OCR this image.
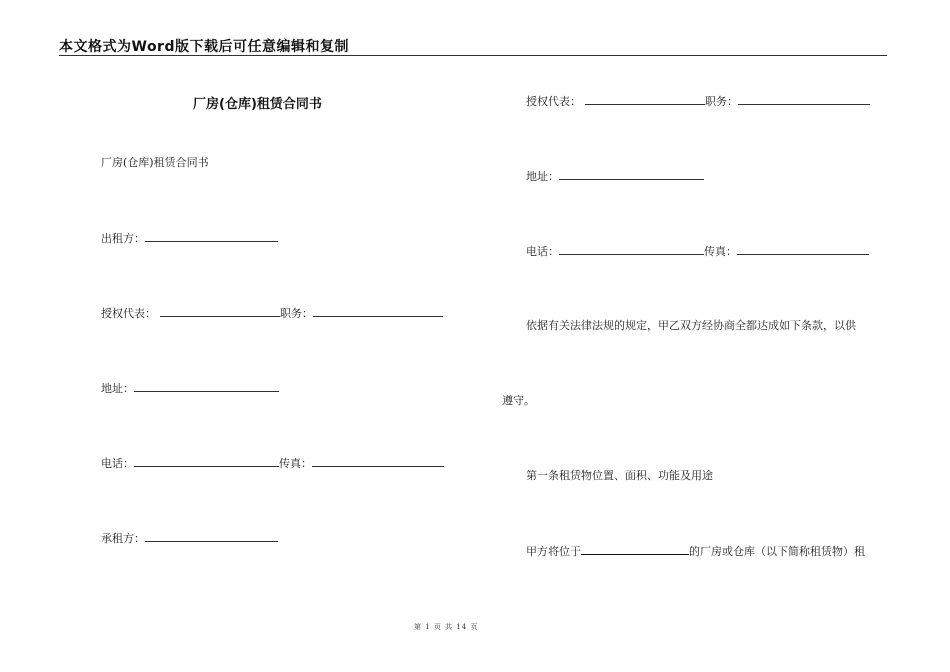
本文格式为Word版下载后可任意编辑和复制
厂房(仓库)租赁合同书
厂房(仓库)租赁合同书
出租方：
授权代表：	职务：
地址：
电话：	传真：
承租方：
授权代表：	职务：
地址：
电话：	传真：
依据有关法律法规的规定，甲乙双方经协商全都达成如下条款，以供
遵守。
第一条租赁物位置、面积、功能及用途
甲方将位于	的厂房或仓库（以下简称租赁物）租
第 1 页 共 14 页
